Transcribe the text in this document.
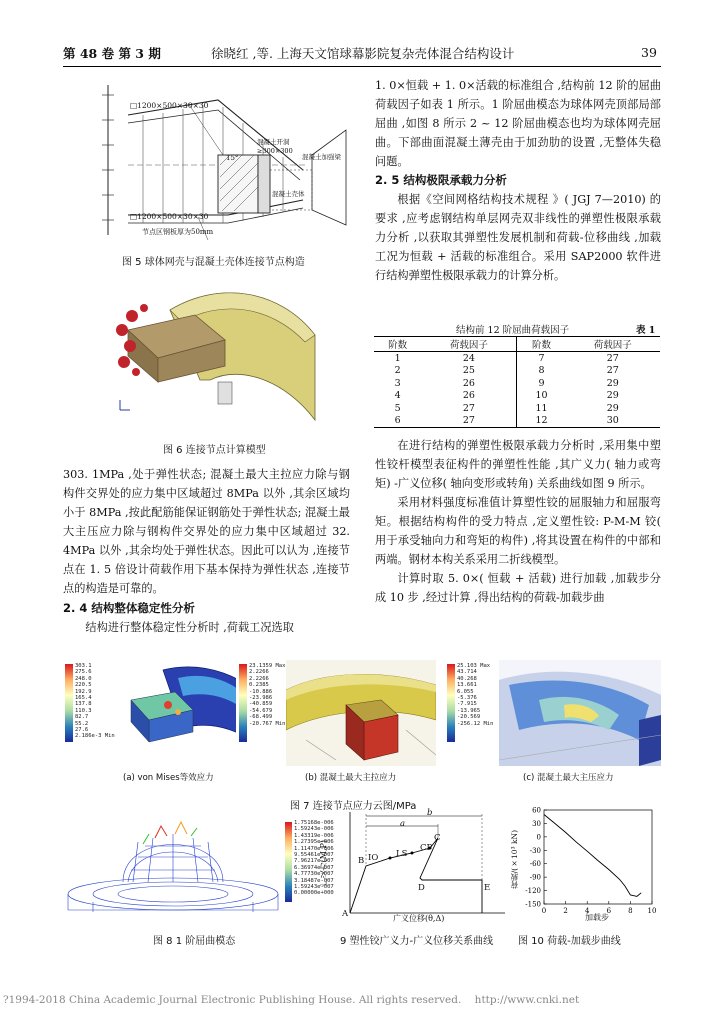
第 48 卷 第 3 期	徐晓红 ,等. 上海天文馆球幕影院复杂壳体混合结构设计	39
□1200×500×30×30
□1200×500×30×30
混凝土开洞
≥300×300
混凝土加强梁
混凝土壳体
15°
节点区钢板厚为50mm
图 5 球体网壳与混凝土壳体连接节点构造
图 6 连接节点计算模型

303. 1MPa ,处于弹性状态; 混凝土最大主拉应力除与钢构件交界处的应力集中区域超过 8MPa 以外 ,其余区域均小于 8MPa ,按此配筋能保证钢筋处于弹性状态; 混凝土最大主压应力除与钢构件交界处的应力集中区域超过 32. 4MPa 以外 ,其余均处于弹性状态。因此可以认为 ,连接节点在 1. 5 倍设计荷载作用下基本保持为弹性状态 ,连接节点的构造是可靠的。

2. 4 结构整体稳定性分析

结构进行整体稳定性分析时 ,荷载工况选取

1. 0×恒载 + 1. 0×活载的标准组合 ,结构前 12 阶的屈曲荷载因子如表 1 所示。1 阶屈曲模态为球体网壳顶部局部屈曲 ,如图 8 所示 2 ~ 12 阶屈曲模态也均为球体网壳屈曲。下部曲面混凝土薄壳由于加劲肋的设置 ,无整体失稳问题。

2. 5 结构极限承载力分析

根据《空间网格结构技术规程 》( JGJ 7—2010) 的要求 ,应考虑钢结构单层网壳双非线性的弹塑性极限承载力分析 ,以获取其弹塑性发展机制和荷载-位移曲线 ,加载工况为恒载 + 活载的标准组合。采用 SAP2000 软件进行结构弹塑性极限承载力的计算分析。

结构前 12 阶屈曲荷载因子	表 1
阶数	荷载因子	阶数	荷载因子
1	24	7	27
2	25	8	27
3	26	9	29
4	26	10	29
5	27	11	29
6	27	12	30

在进行结构的弹塑性极限承载力分析时 ,采用集中塑性铰杆模型表征构件的弹塑性性能 ,其广义力( 轴力或弯矩) -广义位移( 轴向变形或转角) 关系曲线如图 9 所示。

采用材料强度标准值计算塑性铰的屈服轴力和屈服弯矩。根据结构构件的受力特点 ,定义塑性铰: P-M-M 铰( 用于承受轴向力和弯矩的构件) ,将其设置在构件的中部和两端。钢材本构关系采用二折线模型。

计算时取 5. 0×( 恒载 + 活载) 进行加载 ,加载步分成 10 步 ,经过计算 ,得出结构的荷载-加载步曲

303.1
275.6
248.0
220.5
192.9
165.4
137.8
110.3
82.7
55.2
27.6
2.186e-3 Min
(a) von Mises等效应力
23.1359 Max
2.2266
2.2266
0.2385
-10.886
-23.986
-40.859
-54.679
-68.499
-20.767 Min
(b) 混凝土最大主拉应力
25.103 Max
43.714
40.268
13.661
6.055
-5.376
-7.915
-13.965
-20.569
-256.12 Min
(c) 混凝土最大主压应力
图 7 连接节点应力云图/MPa
1.75168e-006
1.59243e-006
1.43319e-006
1.27395e-006
1.11470e-006
9.55461e-007
7.96217e-007
6.36974e-007
4.77730e-007
3.18487e-007
1.59243e-007
0.00000e+000
图 8 1 阶屈曲模态
广义力(M,P)
广义位移(θ,Δ)
A
B IO LS
CP
C
D	E
a
b
9 塑性铰广义力-广义位移关系曲线
60
30
0
-30
-60
-90
-120
-150
0 2 4 6 8 10
荷载/(×10³ kN)
加载步
图 10 荷载-加载步曲线
?1994-2018 China Academic Journal Electronic Publishing House. All rights reserved.    http://www.cnki.net
